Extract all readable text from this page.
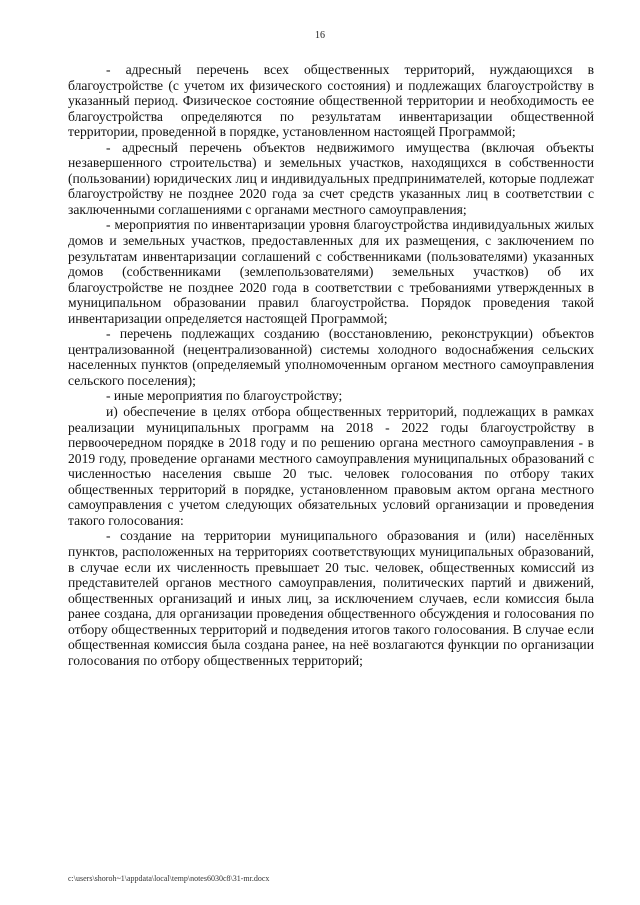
16

- адресный перечень всех общественных территорий, нуждающихся в благоустройстве (с учетом их физического состояния) и подлежащих благоустройству в указанный период. Физическое состояние общественной территории и необходимость ее благоустройства определяются по результатам инвентаризации общественной территории, проведенной в порядке, установленном настоящей Программой;

- адресный перечень объектов недвижимого имущества (включая объекты незавершенного строительства) и земельных участков, находящихся в собственности (пользовании) юридических лиц и индивидуальных предпринимателей, которые подлежат благоустройству не позднее 2020 года за счет средств указанных лиц в соответствии с заключенными соглашениями с органами местного самоуправления;

- мероприятия по инвентаризации уровня благоустройства индивидуальных жилых домов и земельных участков, предоставленных для их размещения, с заключением по результатам инвентаризации соглашений с собственниками (пользователями) указанных домов (собственниками (землепользователями) земельных участков) об их благоустройстве не позднее 2020 года в соответствии с требованиями утвержденных в муниципальном образовании правил благоустройства. Порядок проведения такой инвентаризации определяется настоящей Программой;

- перечень подлежащих созданию (восстановлению, реконструкции) объектов централизованной (нецентрализованной) системы холодного водоснабжения сельских населенных пунктов (определяемый уполномоченным органом местного самоуправления сельского поселения);

- иные мероприятия по благоустройству;

и) обеспечение в целях отбора общественных территорий, подлежащих в рамках реализации муниципальных программ на 2018 - 2022 годы благоустройству в первоочередном порядке в 2018 году и по решению органа местного самоуправления - в 2019 году, проведение органами местного самоуправления муниципальных образований с численностью населения свыше 20 тыс. человек голосования по отбору таких общественных территорий в порядке, установленном правовым актом органа местного самоуправления с учетом следующих обязательных условий организации и проведения такого голосования:

- создание на территории муниципального образования и (или) населённых пунктов, расположенных на территориях соответствующих муниципальных образований, в случае если их численность превышает 20 тыс. человек, общественных комиссий из представителей органов местного самоуправления, политических партий и движений, общественных организаций и иных лиц, за исключением случаев, если комиссия была ранее создана, для организации проведения общественного обсуждения и голосования по отбору общественных территорий и подведения итогов такого голосования. В случае если общественная комиссия была создана ранее, на неё возлагаются функции по организации голосования по отбору общественных территорий;

c:\users\shoroh~1\appdata\local\temp\notes6030c8\31-mr.docx
